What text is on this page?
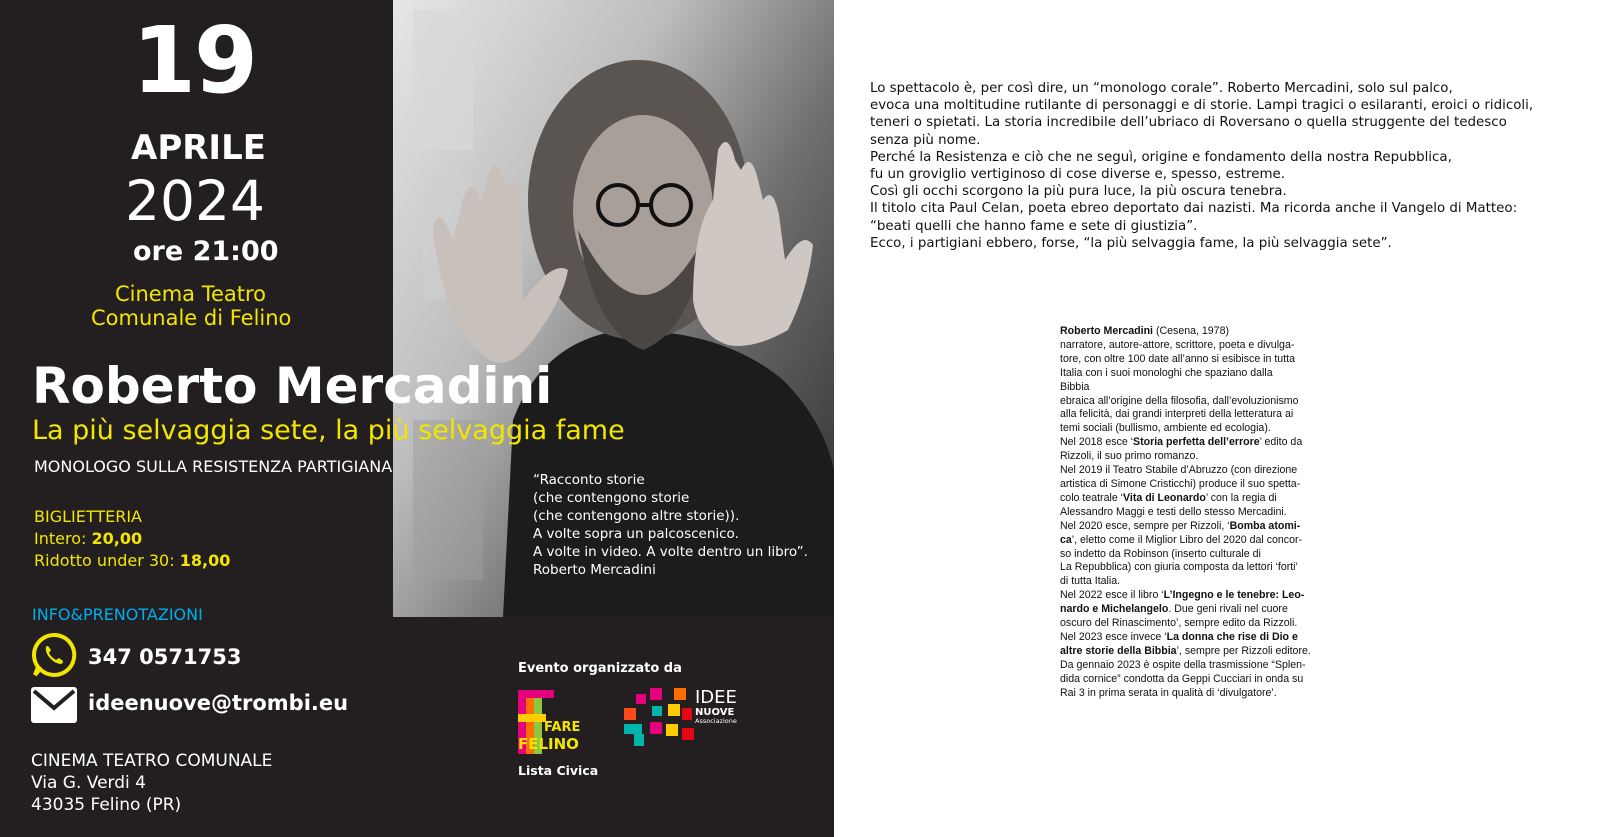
19
APRILE
2024
ore 21:00
Cinema Teatro
Comunale di Felino
Roberto Mercadini
La più selvaggia sete, la più selvaggia fame
MONOLOGO SULLA RESISTENZA PARTIGIANA
“Racconto storie
(che contengono storie
(che contengono altre storie)).
A volte sopra un palcoscenico.
A volte in video. A volte dentro un libro”.
Roberto Mercadini
BIGLIETTERIA
Intero: 20,00
Ridotto under 30: 18,00
INFO&PRENOTAZIONI
347 0571753
ideenuove@trombi.eu
CINEMA TEATRO COMUNALE
Via G. Verdi 4
43035 Felino (PR)
Evento organizzato da
FARE
FELINO
Lista Civica
IDEE
NUOVE
Associazione

Lo spettacolo è, per così dire, un “monologo corale”. Roberto Mercadini, solo sul palco,

evoca una moltitudine rutilante di personaggi e di storie. Lampi tragici o esilaranti, eroici o ridicoli,

teneri o spietati. La storia incredibile dell’ubriaco di Roversano o quella struggente del tedesco

senza più nome.

Perché la Resistenza e ciò che ne seguì, origine e fondamento della nostra Repubblica,

fu un groviglio vertiginoso di cose diverse e, spesso, estreme.

Così gli occhi scorgono la più pura luce, la più oscura tenebra.

Il titolo cita Paul Celan, poeta ebreo deportato dai nazisti. Ma ricorda anche il Vangelo di Matteo:

“beati quelli che hanno fame e sete di giustizia”.

Ecco, i partigiani ebbero, forse, “la più selvaggia fame, la più selvaggia sete”.

Roberto Mercadini (Cesena, 1978)

narratore, autore-attore, scrittore, poeta e divulga-

tore, con oltre 100 date all’anno si esibisce in tutta

Italia con i suoi monologhi che spaziano dalla

Bibbia

ebraica all’origine della filosofia, dall’evoluzionismo

alla felicità, dai grandi interpreti della letteratura ai

temi sociali (bullismo, ambiente ed ecologia).

Nel 2018 esce ‘Storia perfetta dell’errore’ edito da

Rizzoli, il suo primo romanzo.

Nel 2019 il Teatro Stabile d’Abruzzo (con direzione

artistica di Simone Cristicchi) produce il suo spetta-

colo teatrale ‘Vita di Leonardo’ con la regia di

Alessandro Maggi e testi dello stesso Mercadini.

Nel 2020 esce, sempre per Rizzoli, ‘Bomba atomi-

ca’, eletto come il Miglior Libro del 2020 dal concor-

so indetto da Robinson (inserto culturale di

La Repubblica) con giuria composta da lettori ‘forti’

di tutta Italia.

Nel 2022 esce il libro ‘L’Ingegno e le tenebre: Leo-

nardo e Michelangelo. Due geni rivali nel cuore

oscuro del Rinascimento’, sempre edito da Rizzoli.

Nel 2023 esce invece ‘La donna che rise di Dio e

altre storie della Bibbia’, sempre per Rizzoli editore.

Da gennaio 2023 è ospite della trasmissione “Splen-

dida cornice” condotta da Geppi Cucciari in onda su

Rai 3 in prima serata in qualità di ‘divulgatore’.
